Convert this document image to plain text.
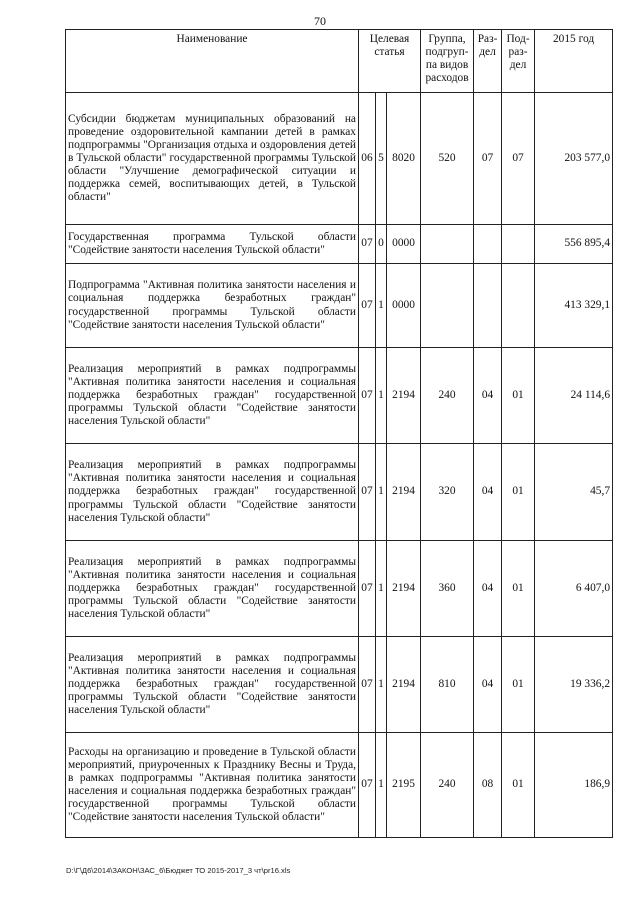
70
Наименование	Целевая статья			Группа, подгруп-па видов расходов	Раз-дел	Под-раз-дел	2015 год
Субсидии бюджетам муниципальных образований на проведение оздоровительной кампании детей в рамках подпрограммы "Организация отдыха и оздоровления детей в Тульской области" государственной программы Тульской области "Улучшение демографической ситуации и поддержка семей, воспитывающих детей, в Тульской области"	06	5	8020	520	07	07	203 577,0
Государственная программа Тульской области "Содействие занятости населения Тульской области"	07	0	0000				556 895,4
Подпрограмма "Активная политика занятости населения и социальная поддержка безработных граждан" государственной программы Тульской области "Содействие занятости населения Тульской области"	07	1	0000				413 329,1
Реализация мероприятий в рамках подпрограммы "Активная политика занятости населения и социальная поддержка безработных граждан" государственной программы Тульской области "Содействие занятости населения Тульской области"	07	1	2194	240	04	01	24 114,6
Реализация мероприятий в рамках подпрограммы "Активная политика занятости населения и социальная поддержка безработных граждан" государственной программы Тульской области "Содействие занятости населения Тульской области"	07	1	2194	320	04	01	45,7
Реализация мероприятий в рамках подпрограммы "Активная политика занятости населения и социальная поддержка безработных граждан" государственной программы Тульской области "Содействие занятости населения Тульской области"	07	1	2194	360	04	01	6 407,0
Реализация мероприятий в рамках подпрограммы "Активная политика занятости населения и социальная поддержка безработных граждан" государственной программы Тульской области "Содействие занятости населения Тульской области"	07	1	2194	810	04	01	19 336,2
Расходы на организацию и проведение в Тульской области мероприятий, приуроченных к Празднику Весны и Труда, в рамках подпрограммы "Активная политика занятости населения и социальная поддержка безработных граждан" государственной программы Тульской области "Содействие занятости населения Тульской области"	07	1	2195	240	08	01	186,9
D:\Г\Д6\2014\ЗАКОН\ЗАС_6\Бюджет ТО 2015-2017_3 чт\pr16.xls
